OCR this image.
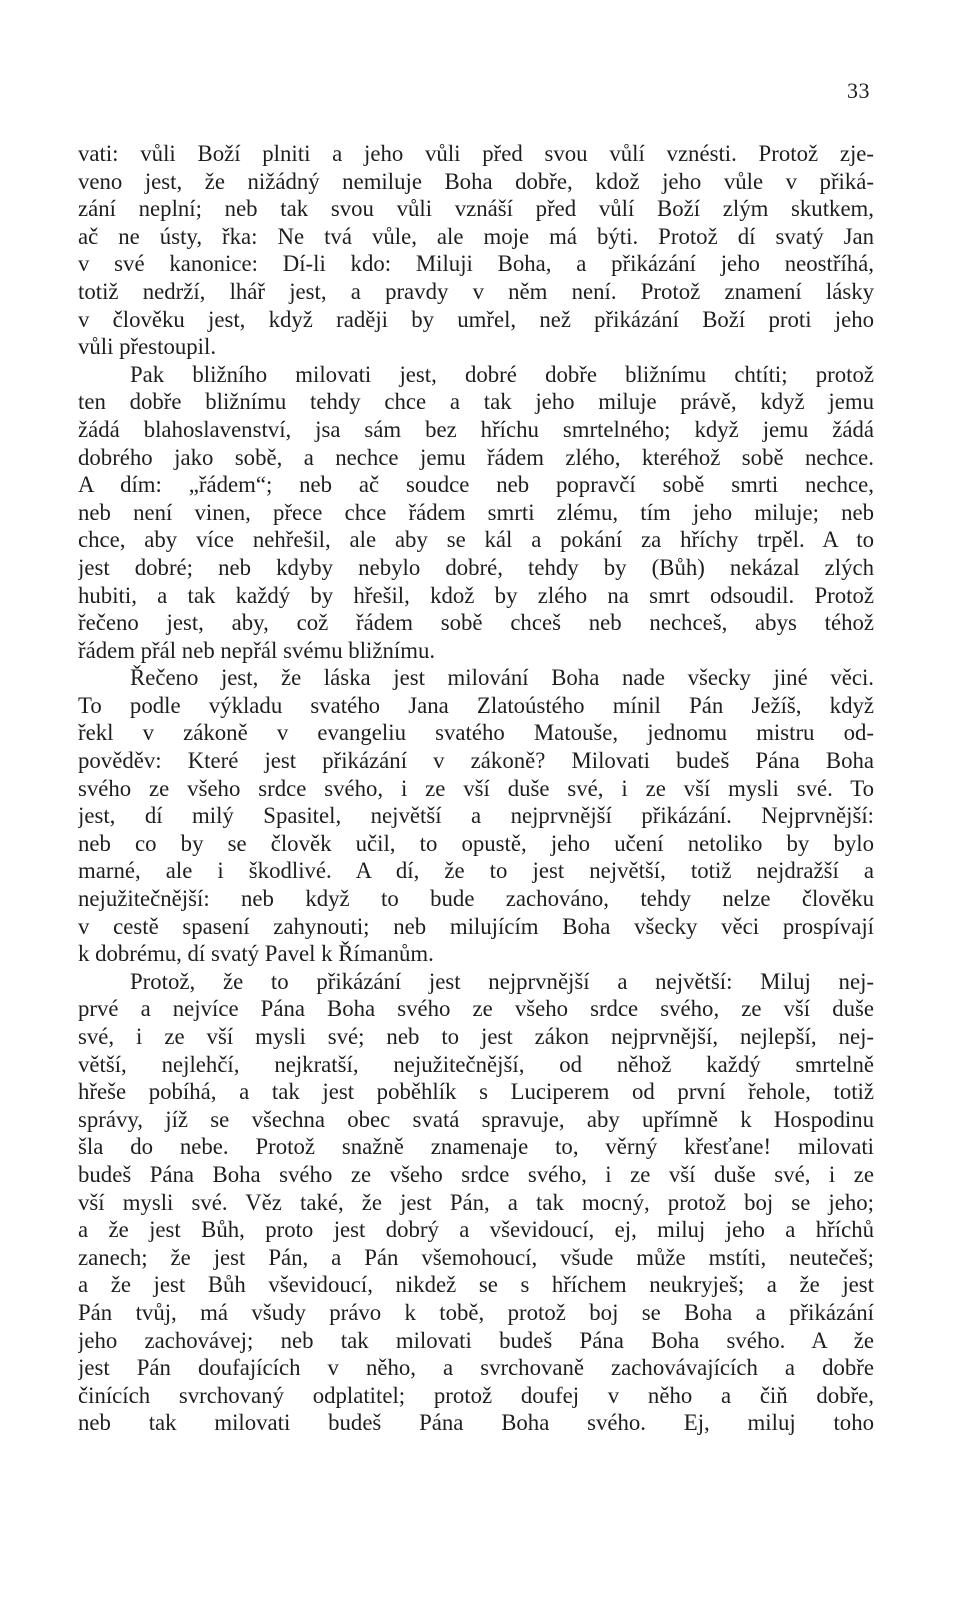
33
vati: vůli Boží plniti a jeho vůli před svou vůlí vznésti. Protož zje-
veno jest, že nižádný nemiluje Boha dobře, kdož jeho vůle v přiká-
zání neplní; neb tak svou vůli vznáší před vůlí Boží zlým skutkem,
ač ne ústy, řka: Ne tvá vůle, ale moje má býti. Protož dí svatý Jan
v své kanonice: Dí-li kdo: Miluji Boha, a přikázání jeho neostříhá,
totiž nedrží, lhář jest, a pravdy v něm není. Protož znamení lásky
v člověku jest, když raději by umřel, než přikázání Boží proti jeho
vůli přestoupil.
Pak bližního milovati jest, dobré dobře bližnímu chtíti; protož
ten dobře bližnímu tehdy chce a tak jeho miluje právě, když jemu
žádá blahoslavenství, jsa sám bez hříchu smrtelného; když jemu žádá
dobrého jako sobě, a nechce jemu řádem zlého, kteréhož sobě nechce.
A dím: „řádem“; neb ač soudce neb popravčí sobě smrti nechce,
neb není vinen, přece chce řádem smrti zlému, tím jeho miluje; neb
chce, aby více nehřešil, ale aby se kál a pokání za hříchy trpěl. A to
jest dobré; neb kdyby nebylo dobré, tehdy by (Bůh) nekázal zlých
hubiti, a tak každý by hřešil, kdož by zlého na smrt odsoudil. Protož
řečeno jest, aby, což řádem sobě chceš neb nechceš, abys téhož
řádem přál neb nepřál svému bližnímu.
Řečeno jest, že láska jest milování Boha nade všecky jiné věci.
To podle výkladu svatého Jana Zlatoústého mínil Pán Ježíš, když
řekl v zákoně v evangeliu svatého Matouše, jednomu mistru od-
pověděv: Které jest přikázání v zákoně? Milovati budeš Pána Boha
svého ze všeho srdce svého, i ze vší duše své, i ze vší mysli své. To
jest, dí milý Spasitel, největší a nejprvnější přikázání. Nejprvnější:
neb co by se člověk učil, to opustě, jeho učení netoliko by bylo
marné, ale i škodlivé. A dí, že to jest největší, totiž nejdražší a
nejužitečnější: neb když to bude zachováno, tehdy nelze člověku
v cestě spasení zahynouti; neb milujícím Boha všecky věci prospívají
k dobrému, dí svatý Pavel k Římanům.
Protož, že to přikázání jest nejprvnější a největší: Miluj nej-
prvé a nejvíce Pána Boha svého ze všeho srdce svého, ze vší duše
své, i ze vší mysli své; neb to jest zákon nejprvnější, nejlepší, nej-
větší, nejlehčí, nejkratší, nejužitečnější, od něhož každý smrtelně
hřeše pobíhá, a tak jest poběhlík s Luciperem od první řehole, totiž
správy, jíž se všechna obec svatá spravuje, aby upřímně k Hospodinu
šla do nebe. Protož snažně znamenaje to, věrný křesťane! milovati
budeš Pána Boha svého ze všeho srdce svého, i ze vší duše své, i ze
vší mysli své. Věz také, že jest Pán, a tak mocný, protož boj se jeho;
a že jest Bůh, proto jest dobrý a vševidoucí, ej, miluj jeho a hříchů
zanech; že jest Pán, a Pán všemohoucí, všude může mstíti, neutečeš;
a že jest Bůh vševidoucí, nikdež se s hříchem neukryješ; a že jest
Pán tvůj, má všudy právo k tobě, protož boj se Boha a přikázání
jeho zachovávej; neb tak milovati budeš Pána Boha svého. A že
jest Pán doufajících v něho, a svrchovaně zachovávajících a dobře
činících svrchovaný odplatitel; protož doufej v něho a čiň dobře,
neb tak milovati budeš Pána Boha svého. Ej, miluj toho
